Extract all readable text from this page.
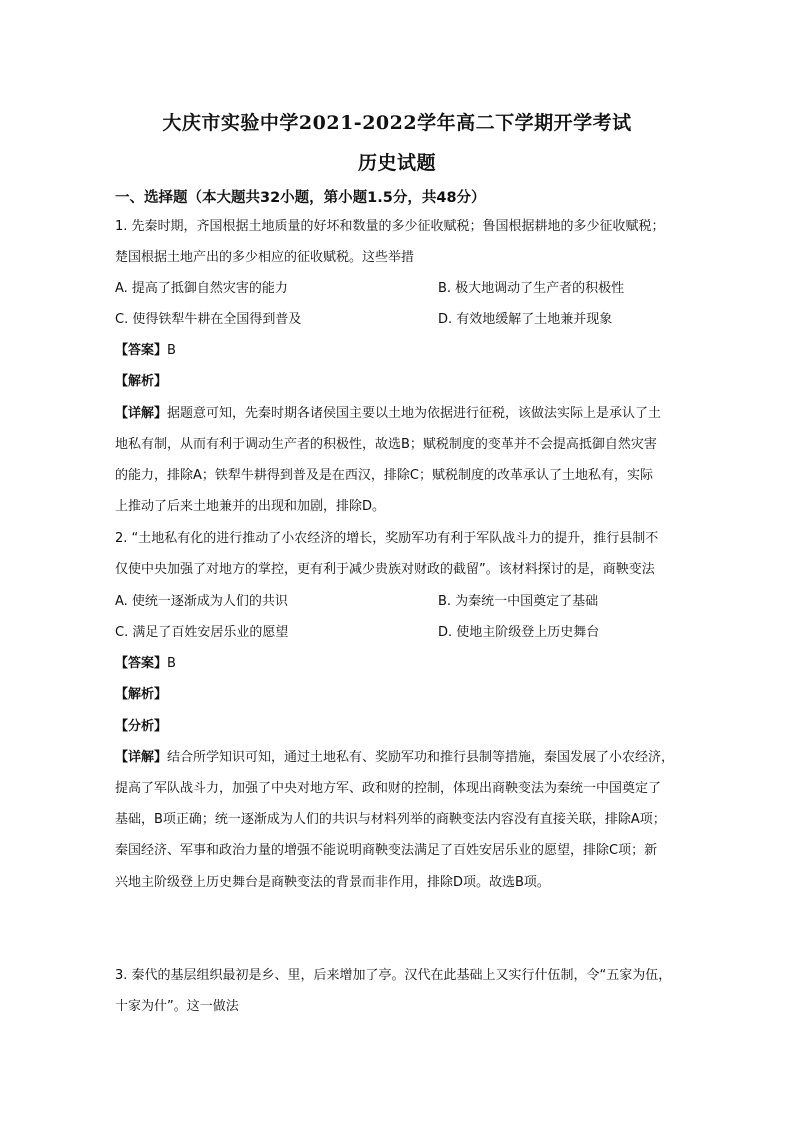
大庆市实验中学2021-2022学年高二下学期开学考试
历史试题
一、选择题（本大题共32小题，第小题1.5分，共48分）
1. 先秦时期，齐国根据土地质量的好坏和数量的多少征收赋税；鲁国根据耕地的多少征收赋税；
楚国根据土地产出的多少相应的征收赋税。这些举措
A. 提高了抵御自然灾害的能力	B. 极大地调动了生产者的积极性
C. 使得铁犁牛耕在全国得到普及	D. 有效地缓解了土地兼并现象
【答案】B
【解析】
【详解】据题意可知，先秦时期各诸侯国主要以土地为依据进行征税，该做法实际上是承认了土
地私有制，从而有利于调动生产者的积极性，故选B；赋税制度的变革并不会提高抵御自然灾害
的能力，排除A；铁犁牛耕得到普及是在西汉，排除C；赋税制度的改革承认了土地私有，实际
上推动了后来土地兼并的出现和加剧，排除D。
2. “土地私有化的进行推动了小农经济的增长，奖励军功有利于军队战斗力的提升，推行县制不
仅使中央加强了对地方的掌控，更有利于减少贵族对财政的截留”。该材料探讨的是，商鞅变法
A. 使统一逐渐成为人们的共识	B. 为秦统一中国奠定了基础
C. 满足了百姓安居乐业的愿望	D. 使地主阶级登上历史舞台
【答案】B
【解析】
【分析】
【详解】结合所学知识可知，通过土地私有、奖励军功和推行县制等措施，秦国发展了小农经济，
提高了军队战斗力，加强了中央对地方军、政和财的控制，体现出商鞅变法为秦统一中国奠定了
基础，B项正确；统一逐渐成为人们的共识与材料列举的商鞅变法内容没有直接关联，排除A项；
秦国经济、军事和政治力量的增强不能说明商鞅变法满足了百姓安居乐业的愿望，排除C项；新
兴地主阶级登上历史舞台是商鞅变法的背景而非作用，排除D项。故选B项。
3. 秦代的基层组织最初是乡、里，后来增加了亭。汉代在此基础上又实行什伍制，令“五家为伍，
十家为什”。这一做法
